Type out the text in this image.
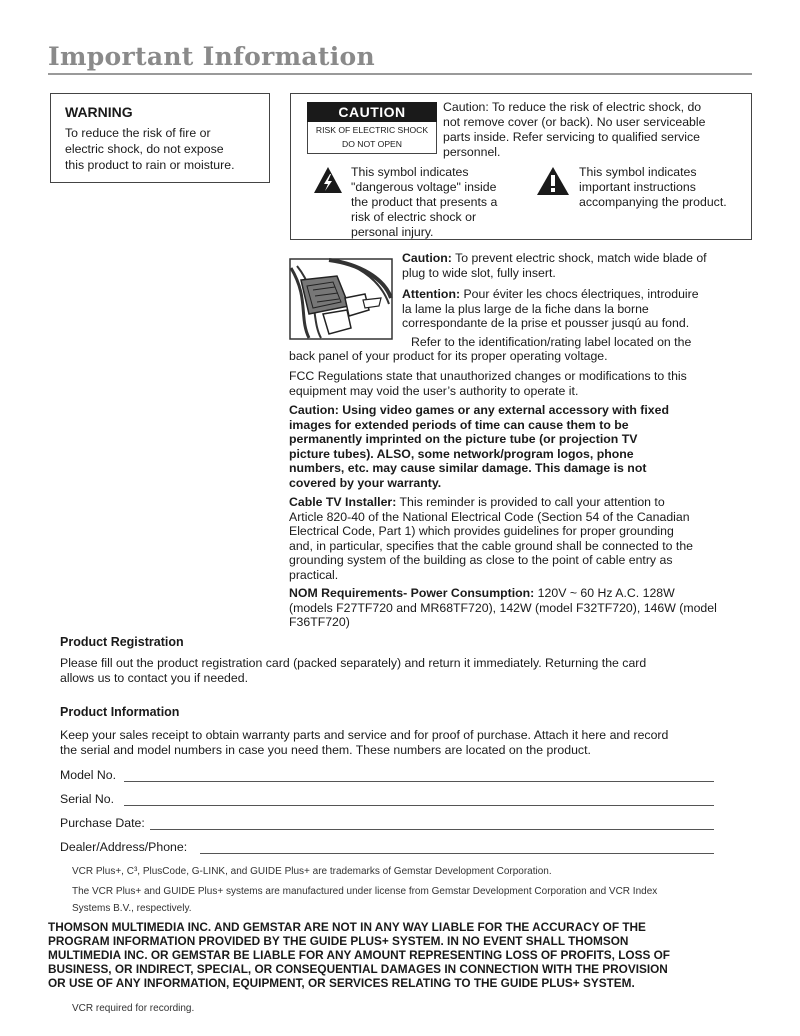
Important Information
WARNING
To reduce the risk of fire or
electric shock, do not expose
this product to rain or moisture.
CAUTION
RISK OF ELECTRIC SHOCK
DO NOT OPEN
Caution: To reduce the risk of electric shock, do
not remove cover (or back). No user serviceable
parts inside. Refer servicing to qualified service
personnel.
This symbol indicates
"dangerous voltage" inside
the product that presents a
risk of electric shock or
personal injury.
This symbol indicates
important instructions
accompanying the product.
Caution: To prevent electric shock, match wide blade of
plug to wide slot, fully insert.
Attention: Pour éviter les chocs électriques, introduire
la lame la plus large de la fiche dans la borne
correspondante de la prise et pousser jusqú au fond.
Refer to the identification/rating label located on the
back panel of your product for its proper operating voltage.
FCC Regulations state that unauthorized changes or modifications to this
equipment may void the user’s authority to operate it.
Caution: Using video games or any external accessory with fixed
images for extended periods of time can cause them to be
permanently imprinted on the picture tube (or projection TV
picture tubes). ALSO, some network/program logos, phone
numbers, etc. may cause similar damage. This damage is not
covered by your warranty.
Cable TV Installer: This reminder is provided to call your attention to
Article 820-40 of the National Electrical Code (Section 54 of the Canadian
Electrical Code, Part 1) which provides guidelines for proper grounding
and, in particular, specifies that the cable ground shall be connected to the
grounding system of the building as close to the point of cable entry as
practical.
NOM Requirements- Power Consumption: 120V ~ 60 Hz A.C. 128W
(models F27TF720 and MR68TF720), 142W (model F32TF720), 146W (model
F36TF720)
Product Registration
Please fill out the product registration card (packed separately) and return it immediately. Returning the card
allows us to contact you if needed.
Product Information
Keep your sales receipt to obtain warranty parts and service and for proof of purchase. Attach it here and record
the serial and model numbers in case you need them. These numbers are located on the product.
Model No.
Serial No.
Purchase Date:
Dealer/Address/Phone:
VCR Plus+, C³, PlusCode, G-LINK, and GUIDE Plus+ are trademarks of Gemstar Development Corporation.
The VCR Plus+ and GUIDE Plus+ systems are manufactured under license from Gemstar Development Corporation and VCR Index
Systems B.V., respectively.
THOMSON MULTIMEDIA INC. AND GEMSTAR ARE NOT IN ANY WAY LIABLE FOR THE ACCURACY OF THE
PROGRAM INFORMATION PROVIDED BY THE GUIDE PLUS+ SYSTEM. IN NO EVENT SHALL THOMSON
MULTIMEDIA INC. OR GEMSTAR BE LIABLE FOR ANY AMOUNT REPRESENTING LOSS OF PROFITS, LOSS OF
BUSINESS, OR INDIRECT, SPECIAL, OR CONSEQUENTIAL DAMAGES IN CONNECTION WITH THE PROVISION
OR USE OF ANY INFORMATION, EQUIPMENT, OR SERVICES RELATING TO THE GUIDE PLUS+ SYSTEM.
VCR required for recording.
